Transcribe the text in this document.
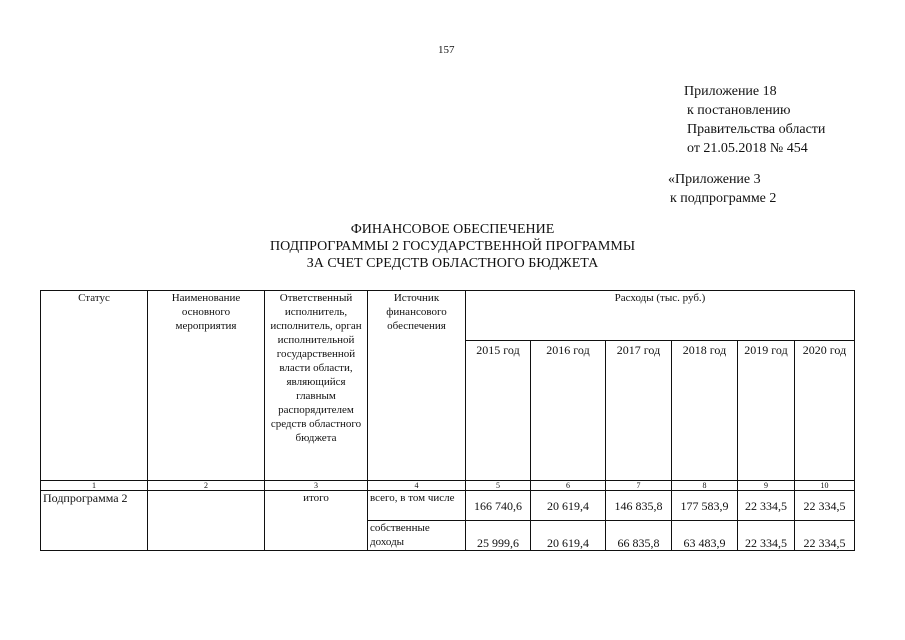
157
Приложение 18
к постановлению
Правительства области
от 21.05.2018 № 454
«Приложение 3
к подпрограмме 2
ФИНАНСОВОЕ ОБЕСПЕЧЕНИЕ
ПОДПРОГРАММЫ 2 ГОСУДАРСТВЕННОЙ ПРОГРАММЫ
ЗА СЧЕТ СРЕДСТВ ОБЛАСТНОГО БЮДЖЕТА
Статус	Наименование основного мероприятия	Ответственный исполнитель, исполнитель, орган исполнительной государственной власти области, являющийся главным распорядителем средств областного бюджета	Источник финансового обеспечения	Расходы (тыс. руб.)					
				2015 год	2016 год	2017 год	2018 год	2019 год	2020 год
1	2	3	4	5	6	7	8	9	10
Подпрограмма 2		итого	всего, в том числе	166 740,6	20 619,4	146 835,8	177 583,9	22 334,5	22 334,5
			собственные доходы	25 999,6	20 619,4	66 835,8	63 483,9	22 334,5	22 334,5
